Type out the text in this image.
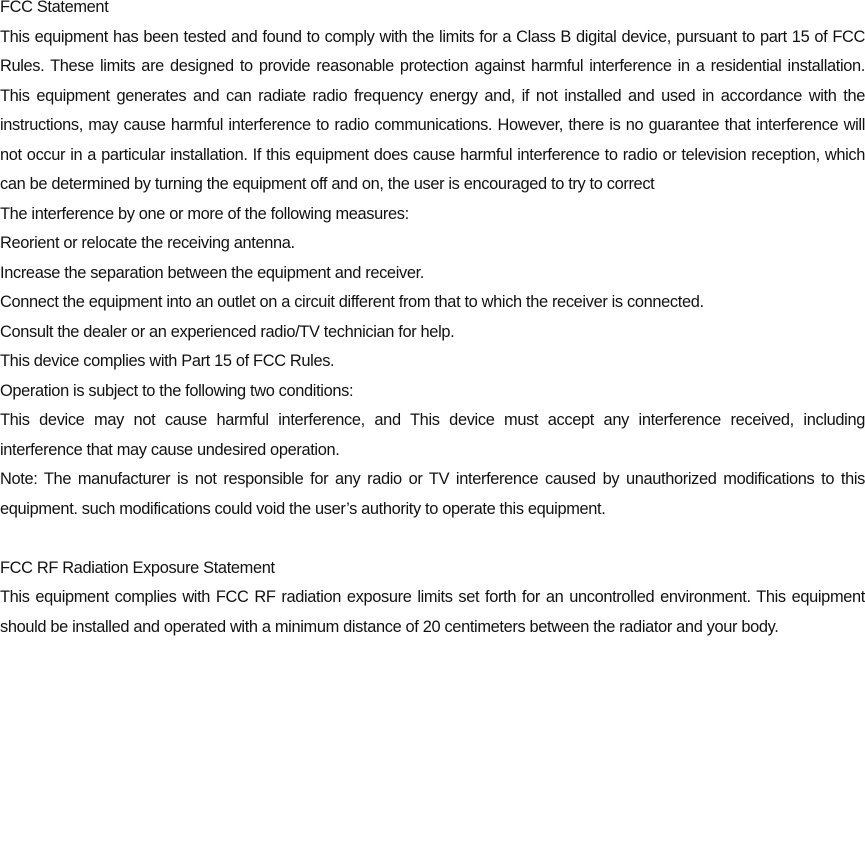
FCC Statement

This equipment has been tested and found to comply with the limits for a Class B digital device, pursuant to part 15 of FCC Rules. These limits are designed to provide reasonable protection against harmful interference in a residential installation. This equipment generates and can radiate radio frequency energy and, if not installed and used in accordance with the instructions, may cause harmful interference to radio communications. However, there is no guarantee that interference will not occur in a particular installation. If this equipment does cause harmful interference to radio or television reception, which can be determined by turning the equipment off and on, the user is encouraged to try to correct

The interference by one or more of the following measures:

Reorient or relocate the receiving antenna.

Increase the separation between the equipment and receiver.

Connect the equipment into an outlet on a circuit different from that to which the receiver is connected.

Consult the dealer or an experienced radio/TV technician for help.

This device complies with Part 15 of FCC Rules.

Operation is subject to the following two conditions:

This device may not cause harmful interference, and This device must accept any interference received, including interference that may cause undesired operation.

Note: The manufacturer is not responsible for any radio or TV interference caused by unauthorized modifications to this equipment. such modifications could void the user’s authority to operate this equipment.

FCC RF Radiation Exposure Statement

This equipment complies with FCC RF radiation exposure limits set forth for an uncontrolled environment. This equipment should be installed and operated with a minimum distance of 20 centimeters between the radiator and your body.
